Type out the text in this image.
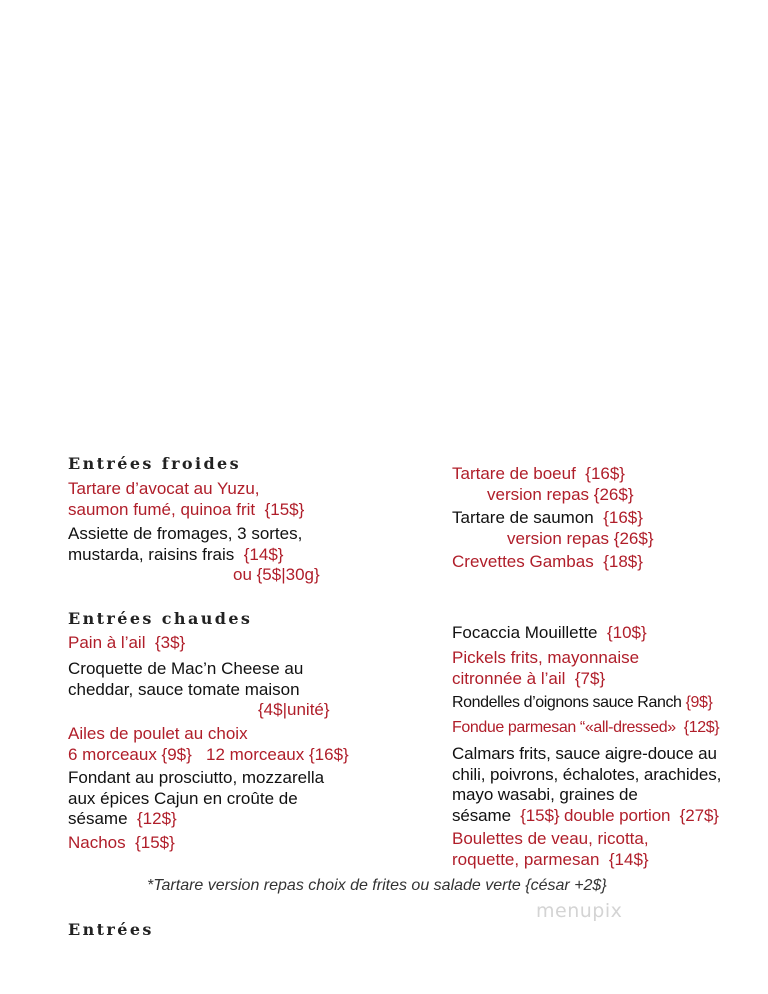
Entrées froides
Entrées chaudes
Entrées
Tartare d’avocat au Yuzu,
saumon fumé, quinoa frit {15$}
Assiette de fromages, 3 sortes,
mustarda, raisins frais {14$}
ou {5$|30g}
Tartare de boeuf {16$}
version repas {26$}
Tartare de saumon {16$}
version repas {26$}
Crevettes Gambas {18$}
Pain à l’ail {3$}
Croquette de Mac’n Cheese au
cheddar, sauce tomate maison
{4$|unité}
Ailes de poulet au choix
6 morceaux {9$} 12 morceaux {16$}
Fondant au prosciutto, mozzarella
aux épices Cajun en croûte de
sésame {12$}
Nachos {15$}
Focaccia Mouillette {10$}
Pickels frits, mayonnaise
citronnée à l’ail {7$}
Rondelles d’oignons sauce Ranch {9$}
Fondue parmesan “«all-dressed» {12$}
Calmars frits, sauce aigre-douce au
chili, poivrons, échalotes, arachides,
mayo wasabi, graines de
sésame {15$} double portion {27$}
Boulettes de veau, ricotta,
roquette, parmesan {14$}
*Tartare version repas choix de frites ou salade verte {césar +2$}
menupix
